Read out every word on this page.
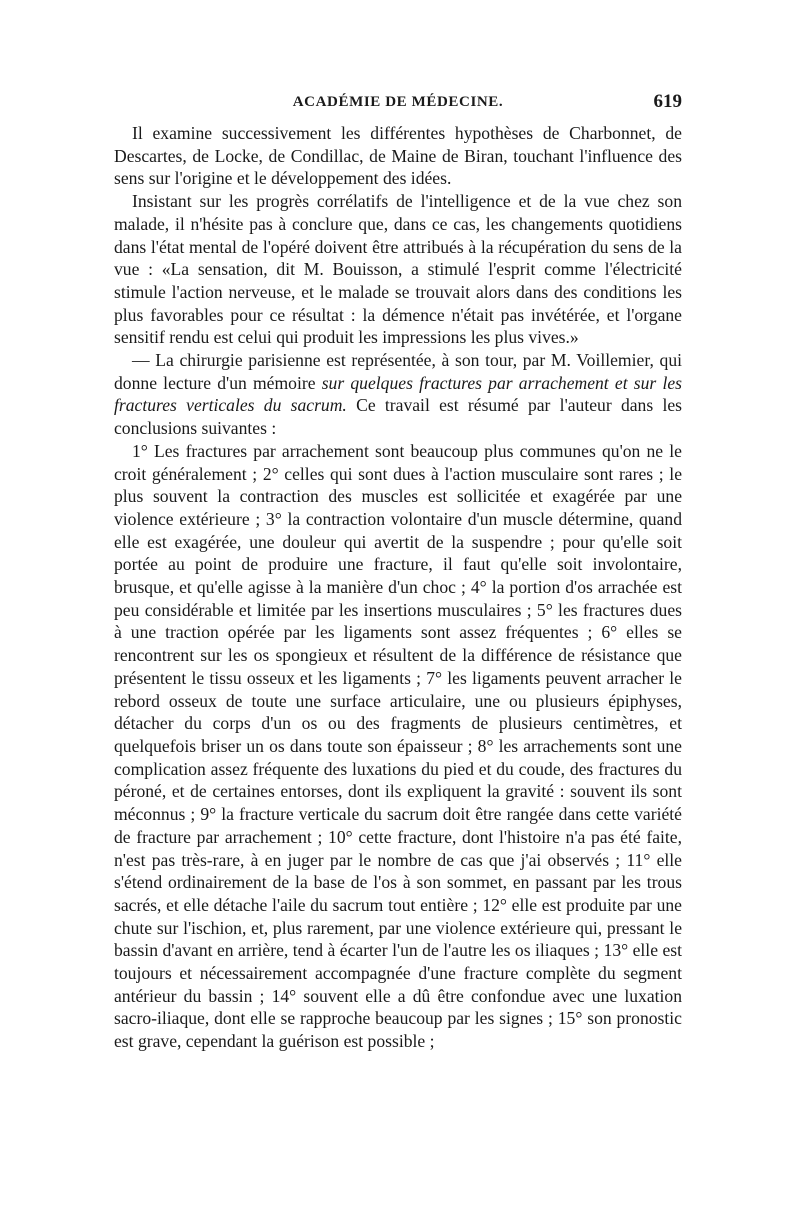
ACADÉMIE DE MÉDECINE.	619

Il examine successivement les différentes hypothèses de Charbonnet, de Descartes, de Locke, de Condillac, de Maine de Biran, touchant l'influence des sens sur l'origine et le développement des idées.

Insistant sur les progrès corrélatifs de l'intelligence et de la vue chez son malade, il n'hésite pas à conclure que, dans ce cas, les changements quotidiens dans l'état mental de l'opéré doivent être attribués à la récupération du sens de la vue : «La sensation, dit M. Bouisson, a stimulé l'esprit comme l'électricité stimule l'action nerveuse, et le malade se trouvait alors dans des conditions les plus favorables pour ce résultat : la démence n'était pas invétérée, et l'organe sensitif rendu est celui qui produit les impressions les plus vives.»

— La chirurgie parisienne est représentée, à son tour, par M. Voillemier, qui donne lecture d'un mémoire sur quelques fractures par arrachement et sur les fractures verticales du sacrum. Ce travail est résumé par l'auteur dans les conclusions suivantes :

1° Les fractures par arrachement sont beaucoup plus communes qu'on ne le croit généralement ; 2° celles qui sont dues à l'action musculaire sont rares ; le plus souvent la contraction des muscles est sollicitée et exagérée par une violence extérieure ; 3° la contraction volontaire d'un muscle détermine, quand elle est exagérée, une douleur qui avertit de la suspendre ; pour qu'elle soit portée au point de produire une fracture, il faut qu'elle soit involontaire, brusque, et qu'elle agisse à la manière d'un choc ; 4° la portion d'os arrachée est peu considérable et limitée par les insertions musculaires ; 5° les fractures dues à une traction opérée par les ligaments sont assez fréquentes ; 6° elles se rencontrent sur les os spongieux et résultent de la différence de résistance que présentent le tissu osseux et les ligaments ; 7° les ligaments peuvent arracher le rebord osseux de toute une surface articulaire, une ou plusieurs épiphyses, détacher du corps d'un os ou des fragments de plusieurs centimètres, et quelquefois briser un os dans toute son épaisseur ; 8° les arrachements sont une complication assez fréquente des luxations du pied et du coude, des fractures du péroné, et de certaines entorses, dont ils expliquent la gravité : souvent ils sont méconnus ; 9° la fracture verticale du sacrum doit être rangée dans cette variété de fracture par arrachement ; 10° cette fracture, dont l'histoire n'a pas été faite, n'est pas très-rare, à en juger par le nombre de cas que j'ai observés ; 11° elle s'étend ordinairement de la base de l'os à son sommet, en passant par les trous sacrés, et elle détache l'aile du sacrum tout entière ; 12° elle est produite par une chute sur l'ischion, et, plus rarement, par une violence extérieure qui, pressant le bassin d'avant en arrière, tend à écarter l'un de l'autre les os iliaques ; 13° elle est toujours et nécessairement accompagnée d'une fracture complète du segment antérieur du bassin ; 14° souvent elle a dû être confondue avec une luxation sacro-iliaque, dont elle se rapproche beaucoup par les signes ; 15° son pronostic est grave, cependant la guérison est possible ;
